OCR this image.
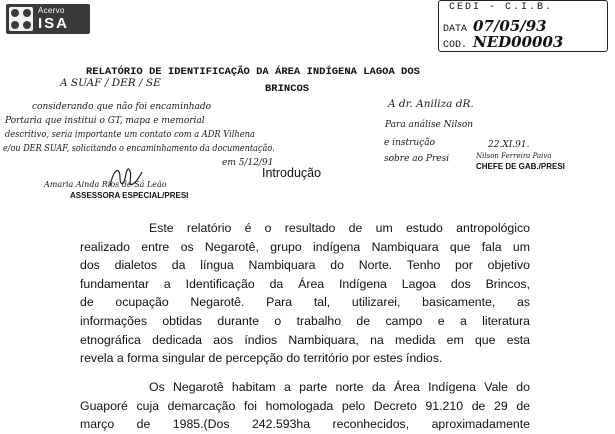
Acervo
ISA
CEDI - C.I.B.
DATA 07/05/93
COD. NED00003
RELATÓRIO DE IDENTIFICAÇÃO DA ÁREA INDÍGENA LAGOA DOS
BRINCOS
A SUAF / DER / SE
considerando que não foi encaminhado
Portaria que institui o GT, mapa e memorial
descritivo, seria importante um contato com a ADR Vilhena
e/ou DER SUAF, solicitando o encaminhamento da documentação.
em 5/12/91
A dr. Aniliza dR.
Para análise Nilson
e instrução	22.XI.91.
sobre ao Presi	Nilson Ferreira Paiva
CHEFE DE GAB./PRESI
Introdução
Amaria Ainda Rios de Sá Leão
ASSESSORA ESPECIAL/PRESI
Este relatório é o resultado de um estudo antropológico
realizado entre os Negarotê, grupo indígena Nambiquara que fala um
dos dialetos da língua Nambiquara do Norte. Tenho por objetivo
fundamentar a Identificação da Área Indígena Lagoa dos Brincos,
de ocupação Negarotê. Para tal, utilizarei, basicamente, as
informações obtidas durante o trabalho de campo e a literatura
etnográfica dedicada aos índios Nambiquara, na medida em que esta
revela a forma singular de percepção do território por estes índios.
Os Negarotê habitam a parte norte da Área Indígena Vale do
Guaporé cuja demarcação foi homologada pelo Decreto 91.210 de 29 de
março de 1985.(Dos 242.593ha reconhecidos, aproximadamente
